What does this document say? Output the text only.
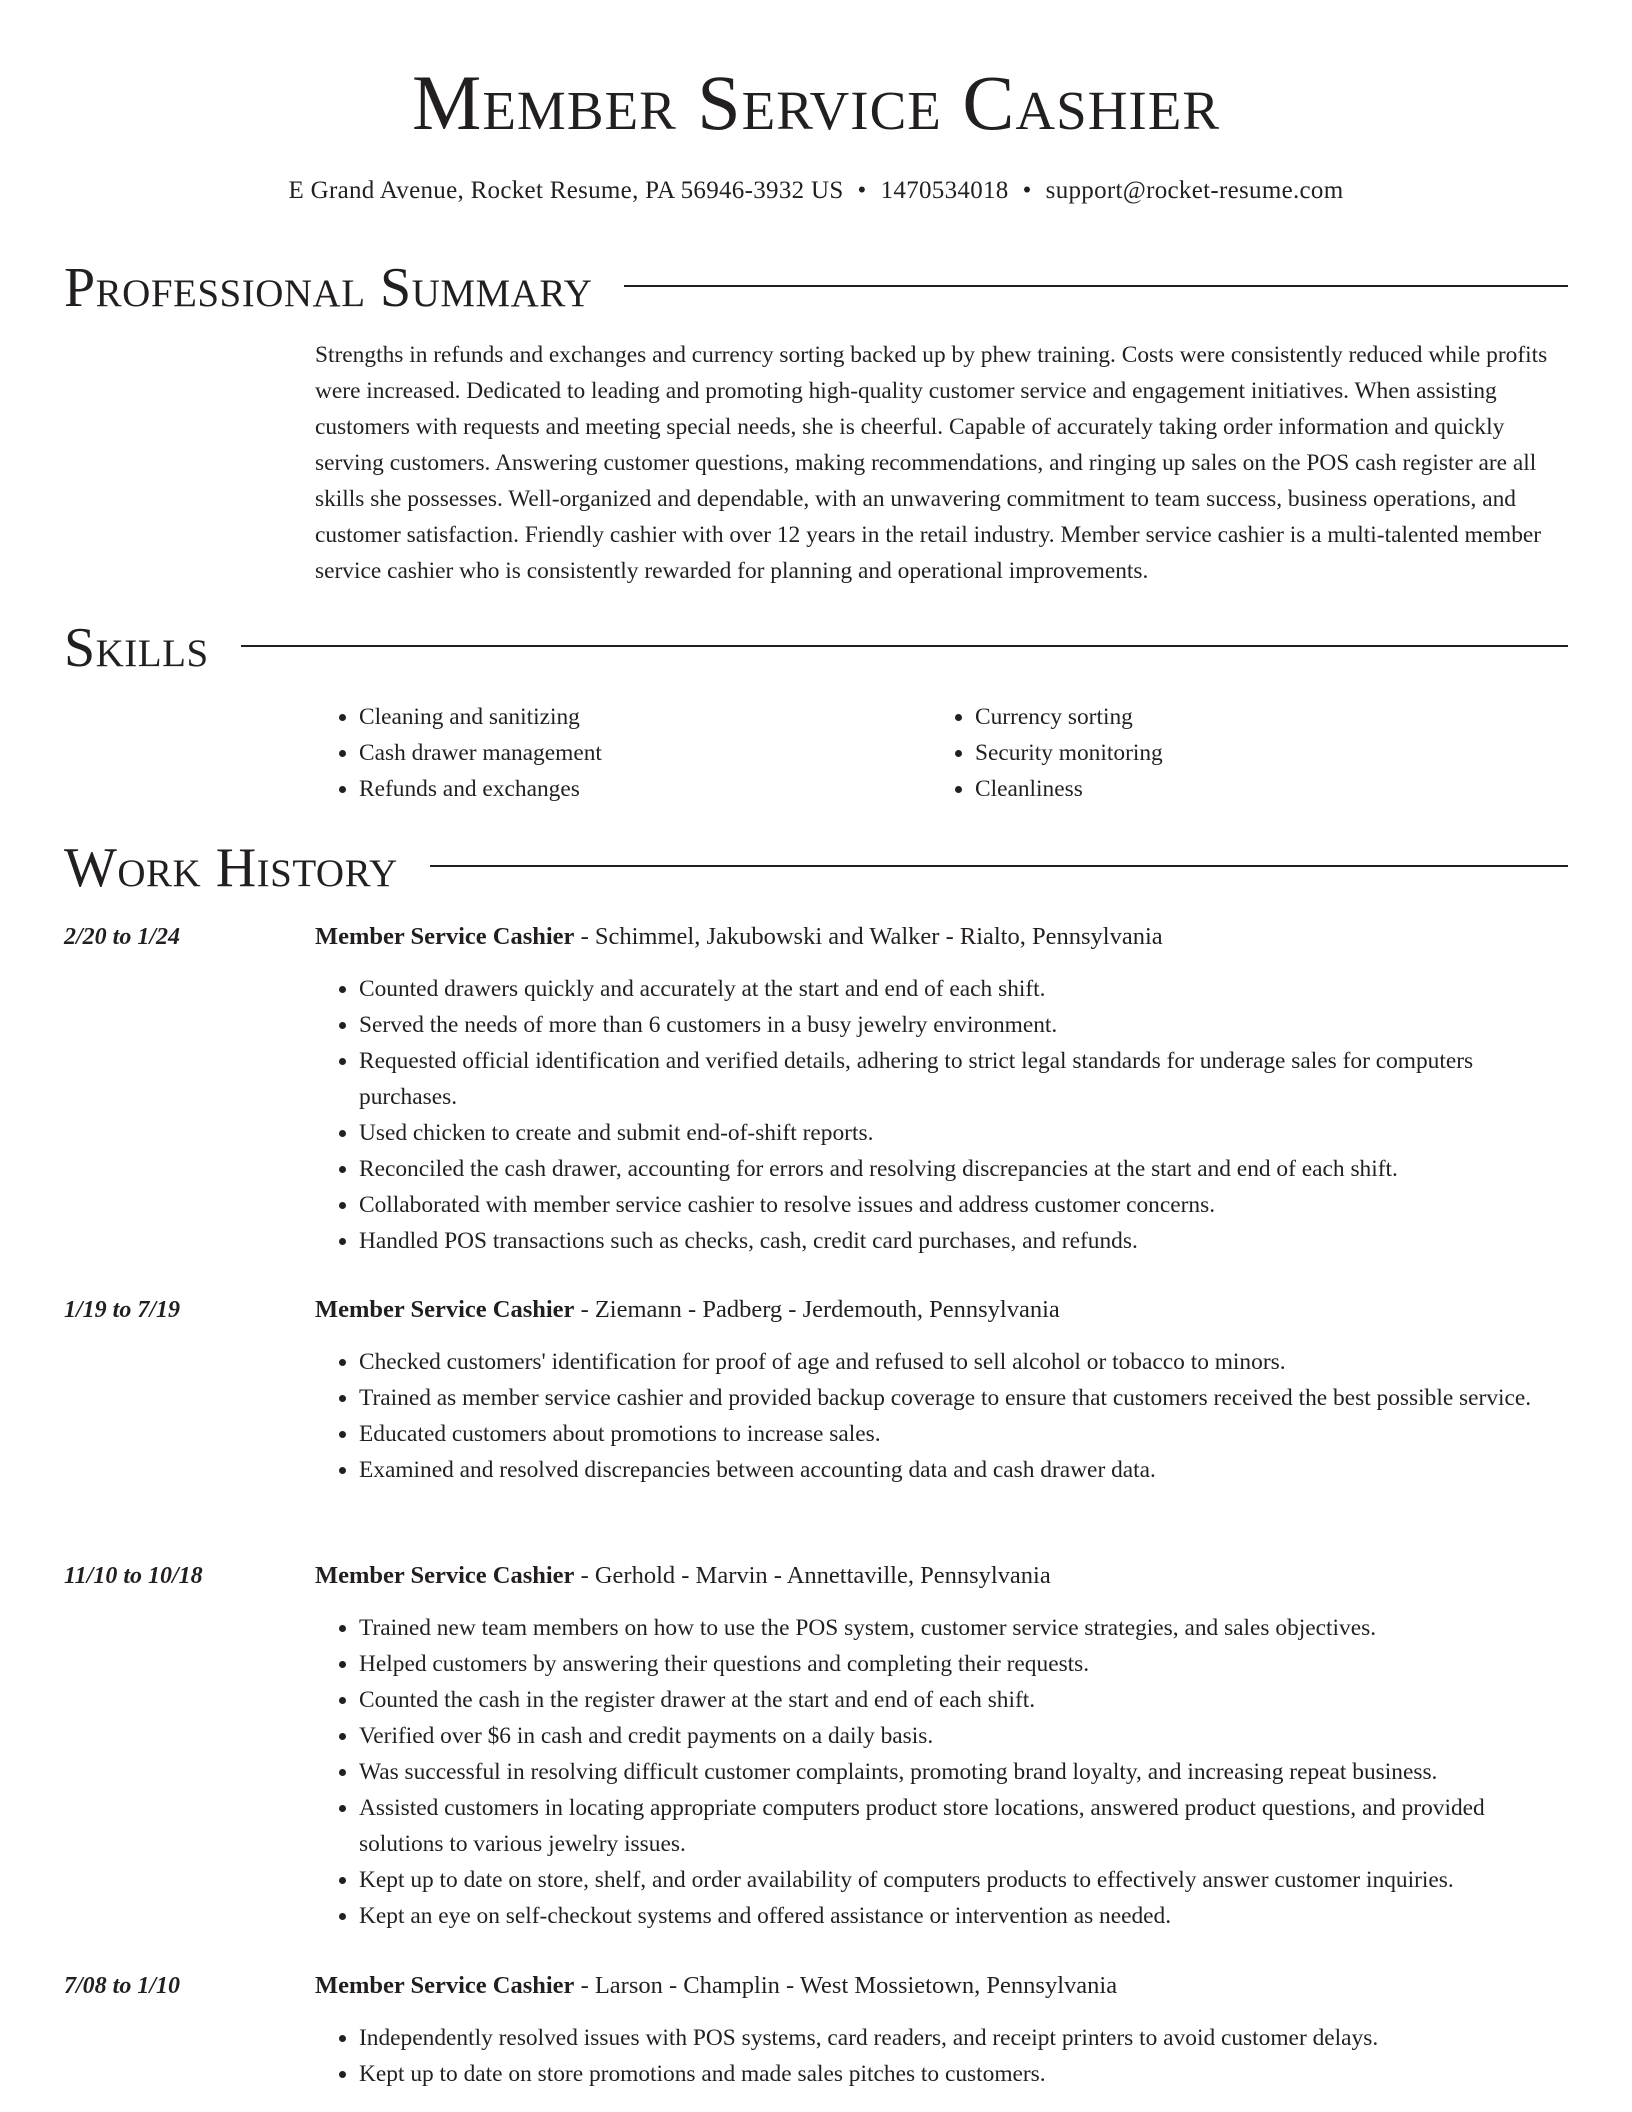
Member Service Cashier
E Grand Avenue, Rocket Resume, PA 56946-3932 US • 1470534018 • support@rocket-resume.com
Professional Summary

Strengths in refunds and exchanges and currency sorting backed up by phew training. Costs were consistently reduced while profits were increased. Dedicated to leading and promoting high-quality customer service and engagement initiatives. When assisting customers with requests and meeting special needs, she is cheerful. Capable of accurately taking order information and quickly serving customers. Answering customer questions, making recommendations, and ringing up sales on the POS cash register are all skills she possesses. Well-organized and dependable, with an unwavering commitment to team success, business operations, and customer satisfaction. Friendly cashier with over 12 years in the retail industry. Member service cashier is a multi-talented member service cashier who is consistently rewarded for planning and operational improvements.

Skills
• Cleaning and sanitizing
• Cash drawer management
• Refunds and exchanges
• Currency sorting
• Security monitoring
• Cleanliness
Work History
2/20 to 1/24	Member Service Cashier - Schimmel, Jakubowski and Walker - Rialto, Pennsylvania
• Counted drawers quickly and accurately at the start and end of each shift.
• Served the needs of more than 6 customers in a busy jewelry environment.
• Requested official identification and verified details, adhering to strict legal standards for underage sales for computers purchases.
• Used chicken to create and submit end-of-shift reports.
• Reconciled the cash drawer, accounting for errors and resolving discrepancies at the start and end of each shift.
• Collaborated with member service cashier to resolve issues and address customer concerns.
• Handled POS transactions such as checks, cash, credit card purchases, and refunds.
1/19 to 7/19	Member Service Cashier - Ziemann - Padberg - Jerdemouth, Pennsylvania
• Checked customers' identification for proof of age and refused to sell alcohol or tobacco to minors.
• Trained as member service cashier and provided backup coverage to ensure that customers received the best possible service.
• Educated customers about promotions to increase sales.
• Examined and resolved discrepancies between accounting data and cash drawer data.
11/10 to 10/18	Member Service Cashier - Gerhold - Marvin - Annettaville, Pennsylvania
• Trained new team members on how to use the POS system, customer service strategies, and sales objectives.
• Helped customers by answering their questions and completing their requests.
• Counted the cash in the register drawer at the start and end of each shift.
• Verified over $6 in cash and credit payments on a daily basis.
• Was successful in resolving difficult customer complaints, promoting brand loyalty, and increasing repeat business.
• Assisted customers in locating appropriate computers product store locations, answered product questions, and provided solutions to various jewelry issues.
• Kept up to date on store, shelf, and order availability of computers products to effectively answer customer inquiries.
• Kept an eye on self-checkout systems and offered assistance or intervention as needed.
7/08 to 1/10	Member Service Cashier - Larson - Champlin - West Mossietown, Pennsylvania
• Independently resolved issues with POS systems, card readers, and receipt printers to avoid customer delays.
• Kept up to date on store promotions and made sales pitches to customers.
